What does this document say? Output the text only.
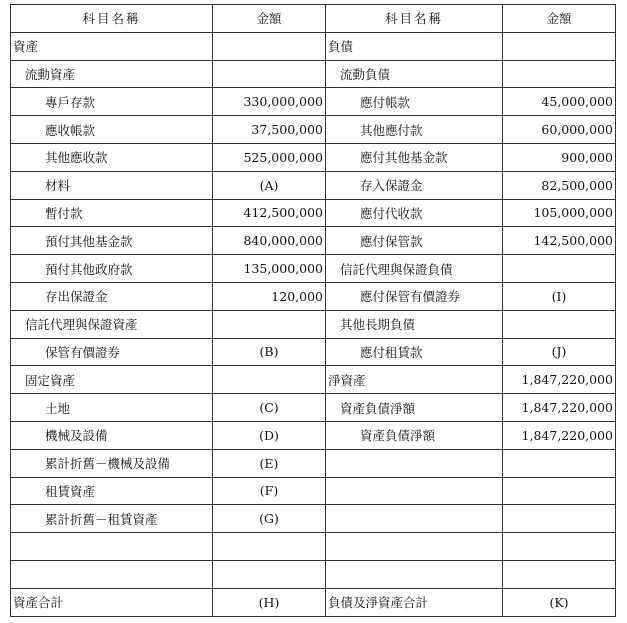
科目名稱	金額	科目名稱	金額
資產		負債	
流動資產		流動負債	
專戶存款	330,000,000	應付帳款	45,000,000
應收帳款	37,500,000	其他應付款	60,000,000
其他應收款	525,000,000	應付其他基金款	900,000
材料	(A)	存入保證金	82,500,000
暫付款	412,500,000	應付代收款	105,000,000
預付其他基金款	840,000,000	應付保管款	142,500,000
預付其他政府款	135,000,000	信託代理與保證負債	
存出保證金	120,000	應付保管有價證券	(I)
信託代理與保證資產		其他長期負債	
保管有價證券	(B)	應付租賃款	(J)
固定資產		淨資產	1,847,220,000
土地	(C)	資產負債淨額	1,847,220,000
機械及設備	(D)	資產負債淨額	1,847,220,000
累計折舊－機械及設備	(E)		
租賃資產	(F)		
累計折舊－租賃資產	(G)		

資產合計	(H)	負債及淨資產合計	(K)
